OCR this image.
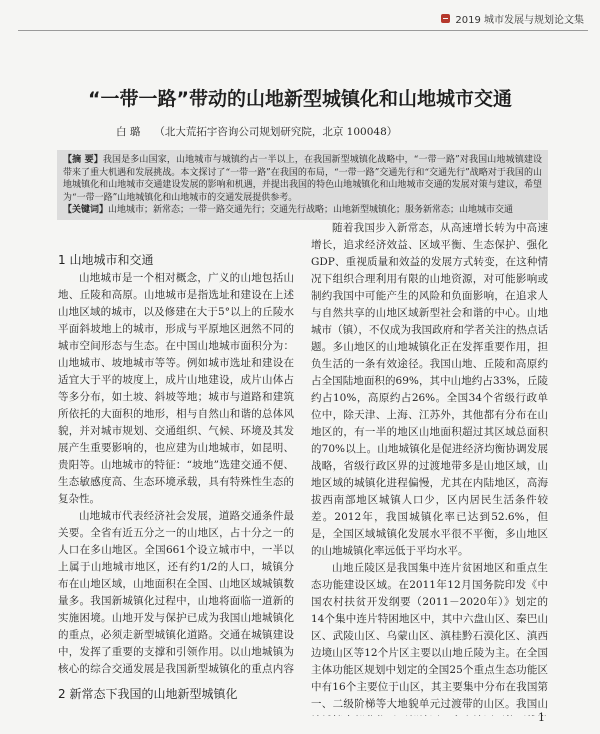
2019 城市发展与规划论文集
“一带一路”带动的山地新型城镇化和山地城市交通
白 璐 （北大荒拓宇咨询公司规划研究院，北京 100048）

【摘 要】我国是多山国家，山地城市与城镇约占一半以上，在我国新型城镇化战略中，“一带一路”对我国山地城镇建设带来了重大机遇和发展挑战。本文探讨了“一带一路”在我国的布局，“一带一路”交通先行和“交通先行”战略对于我国的山地城镇化和山地城市交通建设发展的影响和机遇，并提出我国的特色山地城镇化和山地城市交通的发展对策与建议，希望为“一带一路”山地城镇化和山地城市的交通发展提供参考。

【关键词】山地城市；新常态；一带一路交通先行；交通先行战略；山地新型城镇化；服务新常态；山地城市交通

1 山地城市和交通

山地城市是一个相对概念，广义的山地包括山地、丘陵和高原。山地城市是指选址和建设在上述山地区域的城市，以及修建在大于5°以上的丘陵水平面斜坡地上的城市，形成与平原地区迥然不同的城市空间形态与生态。在中国山地城市面积分为：山地城市、坡地城市等等。例如城市选址和建设在适宜大于平的坡度上，成片山地建设，成片山体占等多分布，如土坡、斜坡等地；城市与道路和建筑所依托的大面积的地形，相与自然山和谐的总体风貌，并对城市规划、交通组织、气候、环境及其发展产生重要影响的，也应建为山地城市，如昆明、贵阳等。山地城市的特征：“坡地”选建交通不便、生态敏感度高、生态环境承载，具有特殊性生态的复杂性。

山地城市代表经济社会发展，道路交通条件最关要。全省有近五分之一的山地区，占十分之一的人口在多山地区。全国661个设立城市中，一半以上属于山地城市地区，还有约1/2的人口，城镇分布在山地区域，山地面积在全国、山地区域城镇数量多。我国新城镇化过程中，山地将面临一道新的实施困境。山地开发与保护已成为我国山地城镇化的重点，必须走新型城镇化道路。交通在城镇建设中，发挥了重要的支撑和引领作用。以山地城镇为核心的综合交通发展是我国新型城镇化的重点内容

2 新常态下我国的山地新型城镇化

随着我国步入新常态，从高速增长转为中高速增长，追求经济效益、区域平衡、生态保护、强化GDP、重视质量和效益的发展方式转变，在这种情况下组织合理利用有限的山地资源，对可能影响或制约我国中可能产生的风险和负面影响，在追求人与自然共享的山地区域新型社会和谐的中心。山地城市（镇），不仅成为我国政府和学者关注的热点话题。多山地区的山地城镇化正在发挥重要作用，担负生活的一条有效途径。我国山地、丘陵和高原约占全国陆地面积的69%，其中山地约占33%，丘陵约占10%，高原约占26%。全国34个省级行政单位中，除天津、上海、江苏外，其他都有分布在山地区的，有一半的地区山地面积超过其区域总面积的70%以上。山地城镇化是促进经济均衡协调发展战略，省级行政区界的过渡地带多是山地区域，山地区域的城镇化进程偏慢，尤其在内陆地区，高海拔西南部地区城镇人口少，区内居民生活条件较差。2012年，我国城镇化率已达到52.6%，但是，全国区域城镇化发展水平很不平衡，多山地区的山地城镇化率远低于平均水平。

山地丘陵区是我国集中连片贫困地区和重点生态功能建设区域。在2011年12月国务院印发《中国农村扶贫开发纲要（2011－2020年）》划定的14个集中连片特困地区中，其中六盘山区、秦巴山区、武陵山区、乌蒙山区、滇桂黔石漠化区、滇西边境山区等12个片区主要以山地丘陵为主。在全国主体功能区规划中划定的全国25个重点生态功能区中有16个主要位于山区，其主要集中分布在我国第一、二级阶梯等大地貌单元过渡带的山区。我国山

1
